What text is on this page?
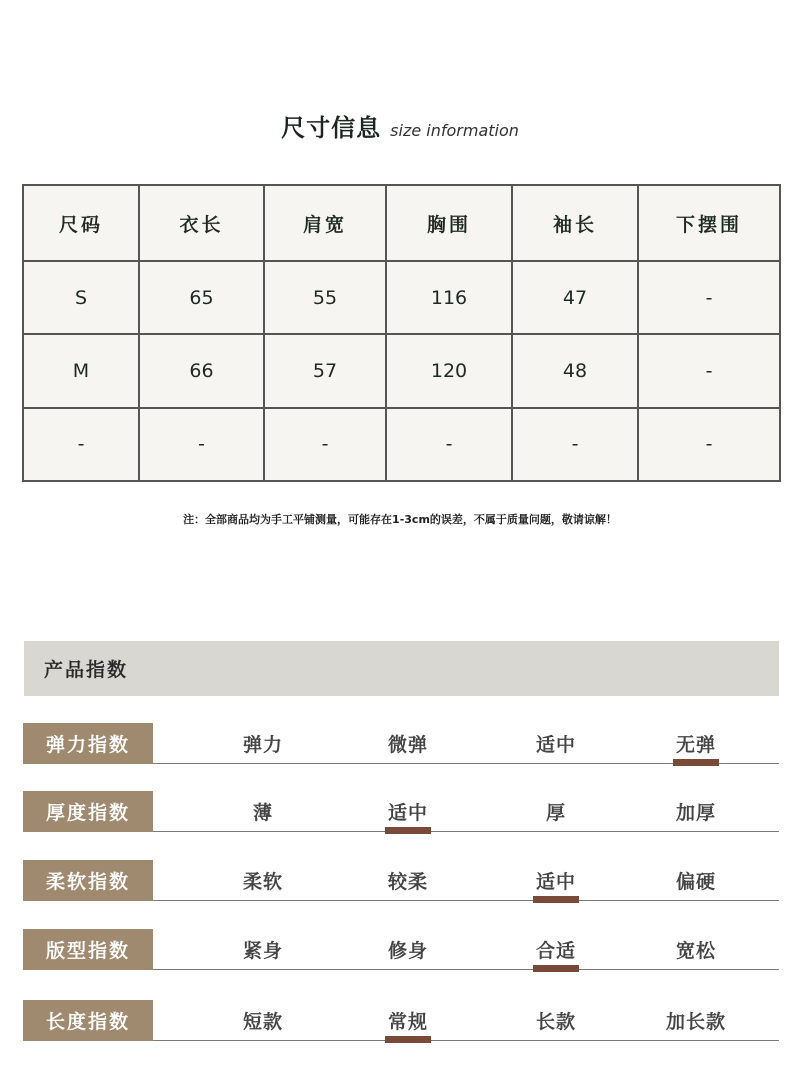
尺寸信息 size information
尺码	衣长	肩宽	胸围	袖长	下摆围
S	65	55	116	47	-
M	66	57	120	48	-
-	-	-	-	-	-
注：全部商品均为手工平铺测量，可能存在1-3cm的误差，不属于质量问题，敬请谅解！
产品指数
弹力指数	弹力	微弹	适中	无弹
厚度指数	薄	适中	厚	加厚
柔软指数	柔软	较柔	适中	偏硬
版型指数	紧身	修身	合适	宽松
长度指数	短款	常规	长款	加长款
